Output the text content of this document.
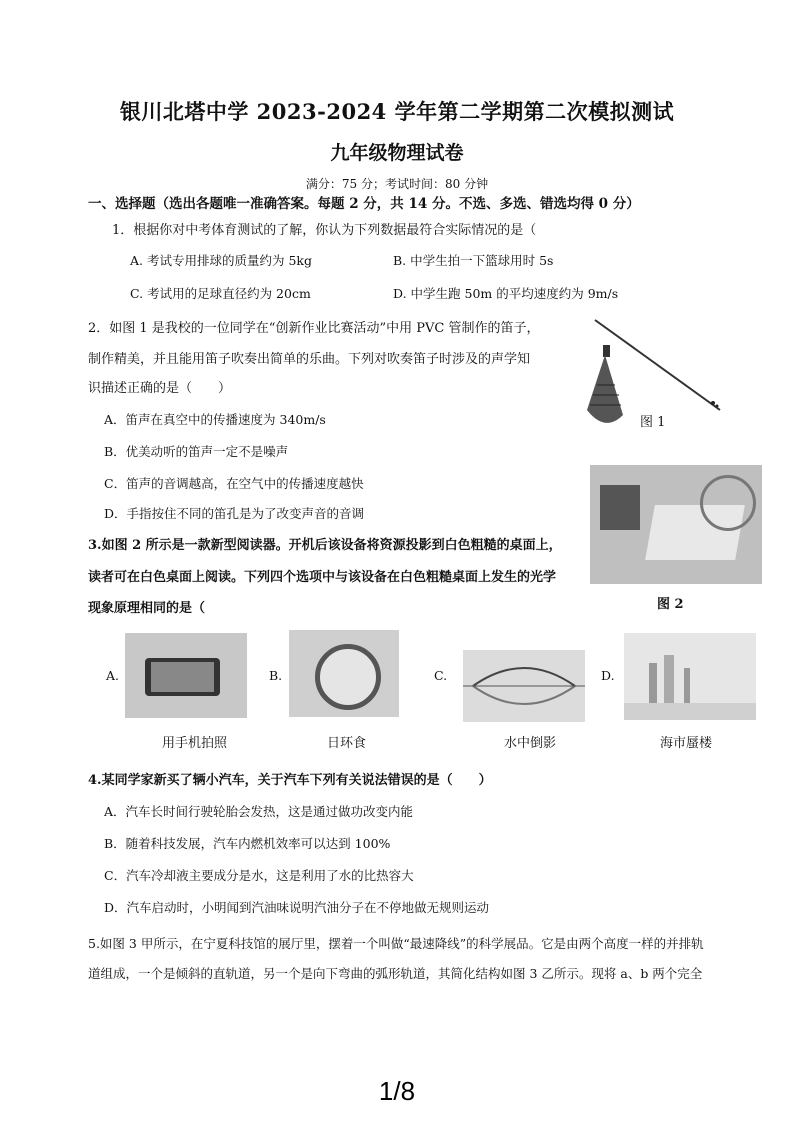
银川北塔中学 2023-2024 学年第二学期第二次模拟测试
九年级物理试卷
满分：75 分；考试时间：80 分钟
一、选择题（选出各题唯一准确答案。每题 2 分，共 14 分。不选、多选、错选均得 0 分）
1．根据你对中考体育测试的了解，你认为下列数据最符合实际情况的是（
A. 考试专用排球的质量约为 5kg	B. 中学生拍一下篮球用时 5s
C. 考试用的足球直径约为 20cm	D. 中学生跑 50m 的平均速度约为 9m/s
2．如图 1 是我校的一位同学在“创新作业比赛活动”中用 PVC 管制作的笛子，
制作精美，并且能用笛子吹奏出简单的乐曲。下列对吹奏笛子时涉及的声学知
识描述正确的是（　　）
A．笛声在真空中的传播速度为 340m/s
B．优美动听的笛声一定不是噪声
C．笛声的音调越高，在空气中的传播速度越快
D．手指按住不同的笛孔是为了改变声音的音调
图 1
图 2
3.如图 2 所示是一款新型阅读器。开机后该设备将资源投影到白色粗糙的桌面上，
读者可在白色桌面上阅读。下列四个选项中与该设备在白色粗糙桌面上发生的光学
现象原理相同的是（
A.
用手机拍照
B.
日环食
C.
水中倒影
D.
海市蜃楼
4.某同学家新买了辆小汽车，关于汽车下列有关说法错误的是（　　）
A．汽车长时间行驶轮胎会发热，这是通过做功改变内能
B．随着科技发展，汽车内燃机效率可以达到 100%
C．汽车冷却液主要成分是水，这是利用了水的比热容大
D．汽车启动时，小明闻到汽油味说明汽油分子在不停地做无规则运动
5.如图 3 甲所示，在宁夏科技馆的展厅里，摆着一个叫做“最速降线”的科学展品。它是由两个高度一样的并排轨
道组成，一个是倾斜的直轨道，另一个是向下弯曲的弧形轨道，其简化结构如图 3 乙所示。现将 a、b 两个完全
1/8
